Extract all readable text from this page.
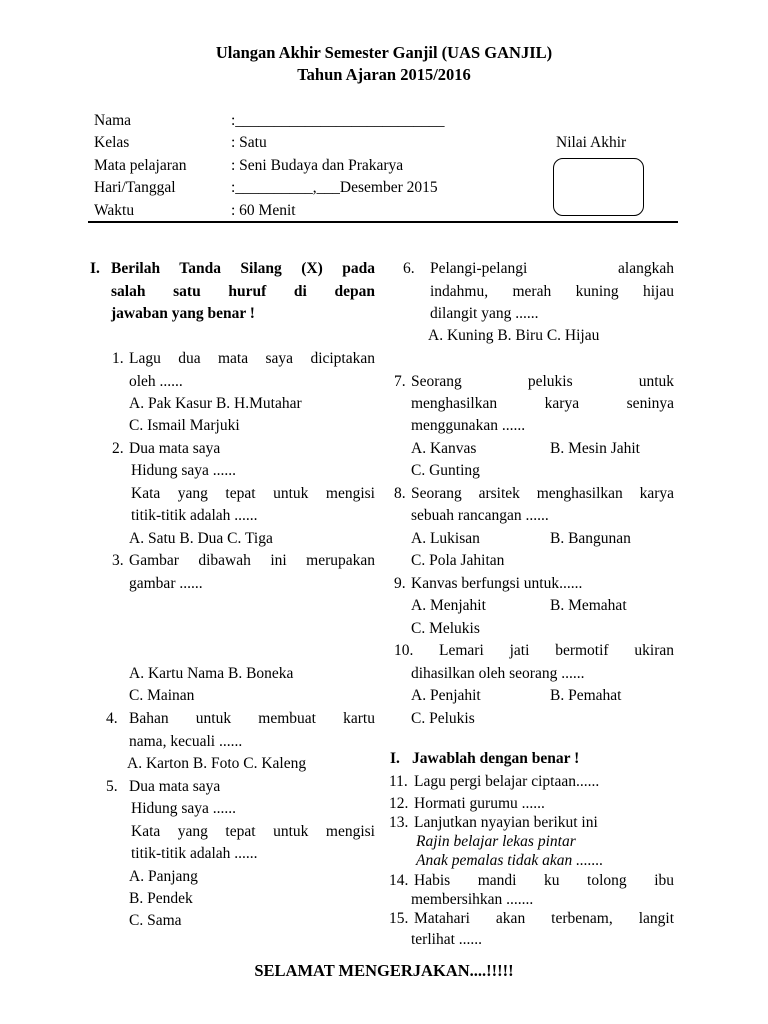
Ulangan Akhir Semester Ganjil (UAS GANJIL)
Tahun Ajaran 2015/2016
Nama	:___________________________
Kelas	: Satu
Mata pelajaran	: Seni Budaya dan Prakarya
Hari/Tanggal	:__________,___Desember 2015
Waktu	: 60 Menit
Nilai Akhir
I. Berilah Tanda Silang (X) pada
salah satu huruf di depan
jawaban yang benar !
1. Lagu dua mata saya diciptakan
oleh ......
A. Pak Kasur B. H.Mutahar
C. Ismail Marjuki
2. Dua mata saya
Hidung saya ......
Kata yang tepat untuk mengisi
titik-titik adalah ......
A. Satu B. Dua C. Tiga
3. Gambar dibawah ini merupakan
gambar ......
A. Kartu Nama B. Boneka
C. Mainan
4. Bahan untuk membuat kartu
nama, kecuali ......
A. Karton B. Foto C. Kaleng
5. Dua mata saya
Hidung saya ......
Kata yang tepat untuk mengisi
titik-titik adalah ......
A. Panjang
B. Pendek
C. Sama
6. Pelangi-pelangi alangkah
indahmu, merah kuning hijau
dilangit yang ......
A. Kuning B. Biru C. Hijau
7. Seorang pelukis untuk
menghasilkan karya seninya
menggunakan ......
A. Kanvas	B. Mesin Jahit
C. Gunting
8. Seorang arsitek menghasilkan karya
sebuah rancangan ......
A. Lukisan	B. Bangunan
C. Pola Jahitan
9. Kanvas berfungsi untuk......
A. Menjahit	B. Memahat
C. Melukis
10. Lemari jati bermotif ukiran
dihasilkan oleh seorang ......
A. Penjahit	B. Pemahat
C. Pelukis
I. Jawablah dengan benar !
11. Lagu pergi belajar ciptaan......
12. Hormati gurumu ......
13. Lanjutkan nyayian berikut ini
Rajin belajar lekas pintar
Anak pemalas tidak akan .......
14. Habis mandi ku tolong ibu
membersihkan .......
15. Matahari akan terbenam, langit
terlihat ......
SELAMAT MENGERJAKAN....!!!!!
